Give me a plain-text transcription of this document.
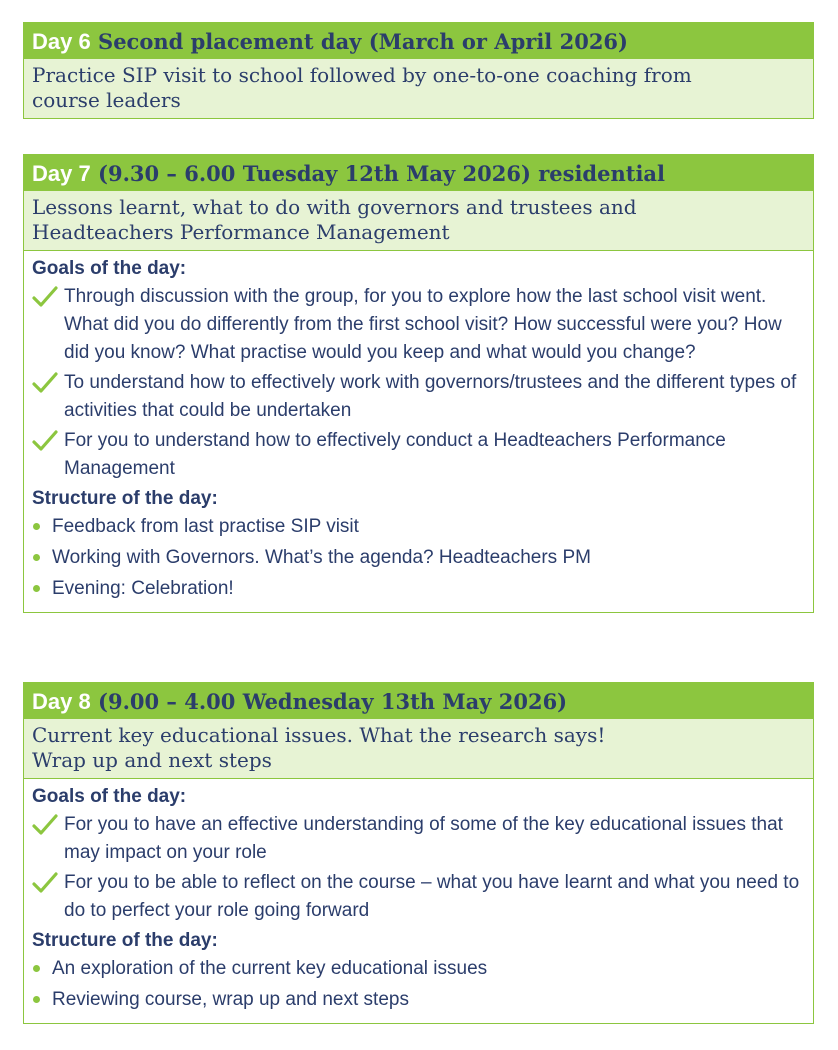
Day 6 Second placement day (March or April 2026)
Practice SIP visit to school followed by one-to-one coaching from
course leaders
Day 7 (9.30 – 6.00 Tuesday 12th May 2026) residential
Lessons learnt, what to do with governors and trustees and
Headteachers Performance Management
Goals of the day:
Through discussion with the group, for you to explore how the last school visit went. What did you do differently from the first school visit? How successful were you? How did you know? What practise would you keep and what would you change?
To understand how to effectively work with governors/trustees and the different types of activities that could be undertaken
For you to understand how to effectively conduct a Headteachers Performance Management
Structure of the day:
Feedback from last practise SIP visit
Working with Governors. What’s the agenda? Headteachers PM
Evening: Celebration!
Day 8 (9.00 – 4.00 Wednesday 13th May 2026)
Current key educational issues. What the research says!
Wrap up and next steps
Goals of the day:
For you to have an effective understanding of some of the key educational issues that may impact on your role
For you to be able to reflect on the course – what you have learnt and what you need to do to perfect your role going forward
Structure of the day:
An exploration of the current key educational issues
Reviewing course, wrap up and next steps
